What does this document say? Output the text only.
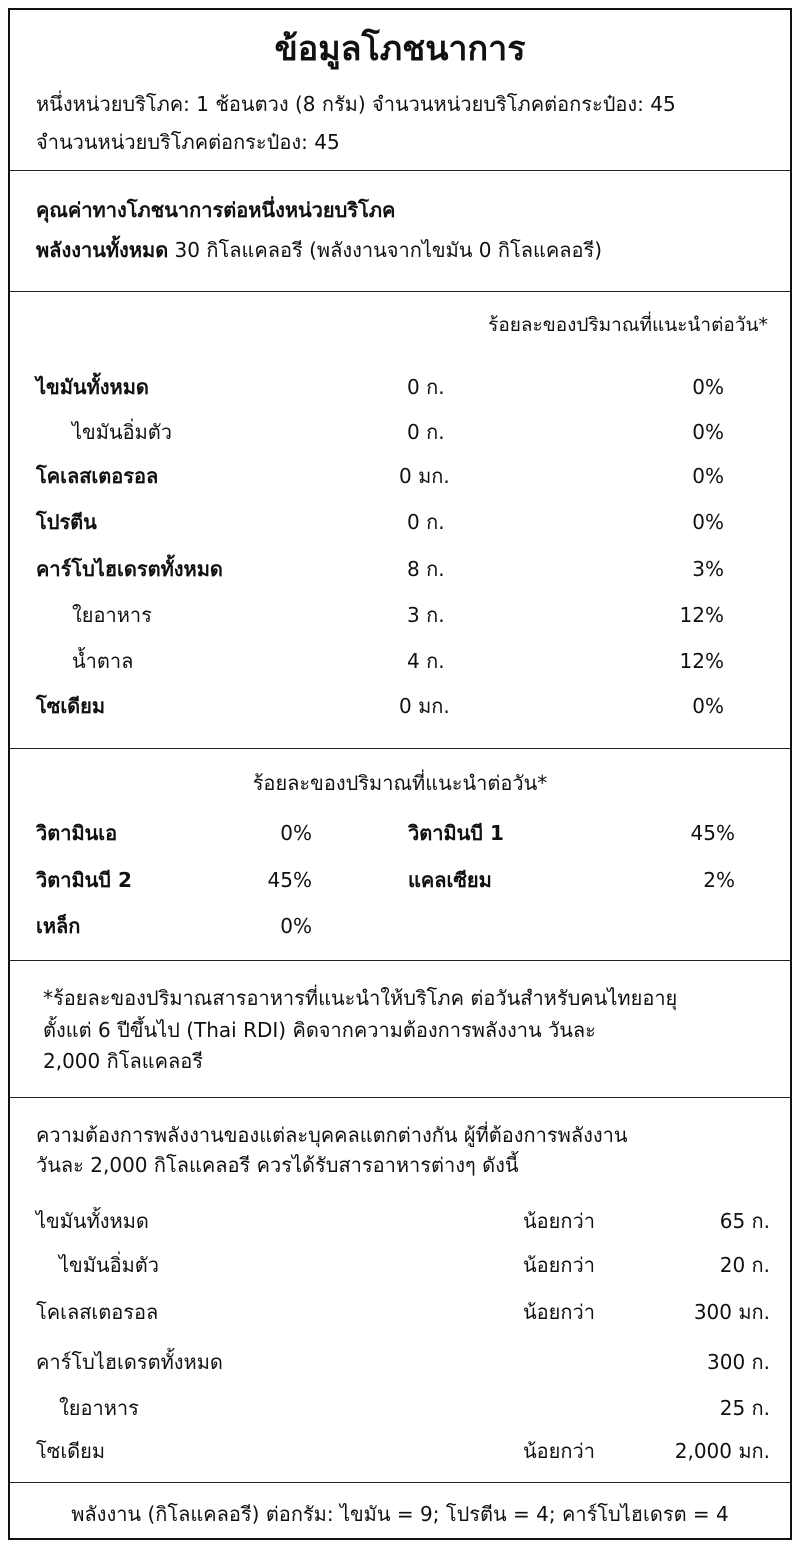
ข้อมูลโภชนาการ
หนึ่งหน่วยบริโภค: 1 ช้อนตวง (8 กรัม) จำนวนหน่วยบริโภคต่อกระป๋อง: 45
จำนวนหน่วยบริโภคต่อกระป๋อง: 45
คุณค่าทางโภชนาการต่อหนึ่งหน่วยบริโภค
พลังงานทั้งหมด 30 กิโลแคลอรี (พลังงานจากไขมัน 0 กิโลแคลอรี)
ร้อยละของปริมาณที่แนะนำต่อวัน*
ไขมันทั้งหมด	0 ก.	0%
ไขมันอิ่มตัว	0 ก.	0%
โคเลสเตอรอล	0 มก.	0%
โปรตีน	0 ก.	0%
คาร์โบไฮเดรตทั้งหมด	8 ก.	3%
ใยอาหาร	3 ก.	12%
น้ำตาล	4 ก.	12%
โซเดียม	0 มก.	0%
ร้อยละของปริมาณที่แนะนำต่อวัน*
วิตามินเอ	0%	วิตามินบี 1	45%
วิตามินบี 2	45%	แคลเซียม	2%
เหล็ก	0%
*ร้อยละของปริมาณสารอาหารที่แนะนำให้บริโภค ต่อวันสำหรับคนไทยอายุ
ตั้งแต่ 6 ปีขึ้นไป (Thai RDI) คิดจากความต้องการพลังงาน วันละ
2,000 กิโลแคลอรี
ความต้องการพลังงานของแต่ละบุคคลแตกต่างกัน ผู้ที่ต้องการพลังงาน
วันละ 2,000 กิโลแคลอรี ควรได้รับสารอาหารต่างๆ ดังนี้
ไขมันทั้งหมด	น้อยกว่า	65 ก.
ไขมันอิ่มตัว	น้อยกว่า	20 ก.
โคเลสเตอรอล	น้อยกว่า	300 มก.
คาร์โบไฮเดรตทั้งหมด	300 ก.
ใยอาหาร	25 ก.
โซเดียม	น้อยกว่า	2,000 มก.
พลังงาน (กิโลแคลอรี) ต่อกรัม: ไขมัน = 9; โปรตีน = 4; คาร์โบไฮเดรต = 4
